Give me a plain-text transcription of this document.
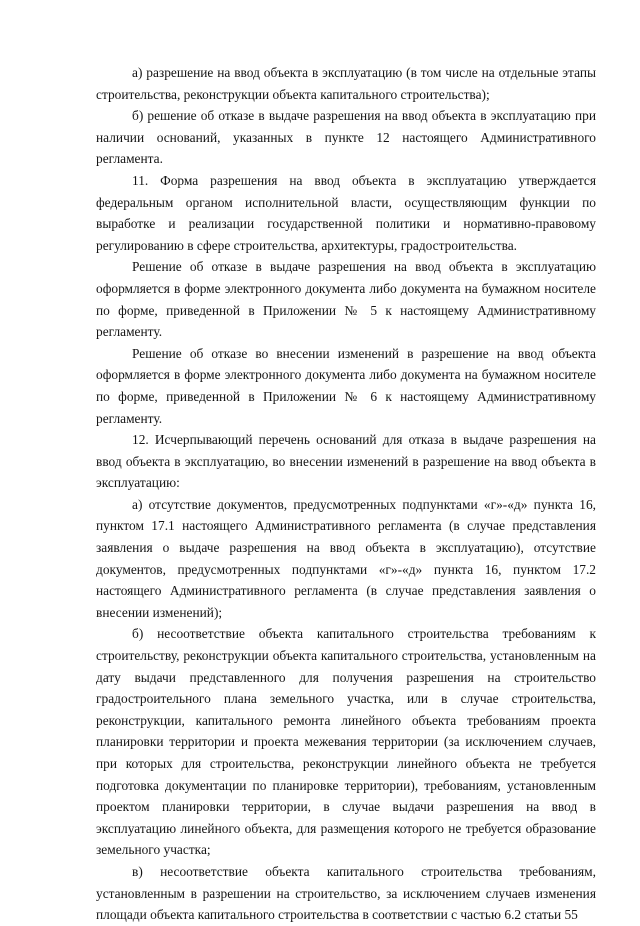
а) разрешение на ввод объекта в эксплуатацию (в том числе на отдельные этапы строительства, реконструкции объекта капитального строительства);

б) решение об отказе в выдаче разрешения на ввод объекта в эксплуатацию при наличии оснований, указанных в пункте 12 настоящего Административного регламента.

11. Форма разрешения на ввод объекта в эксплуатацию утверждается федеральным органом исполнительной власти, осуществляющим функции по выработке и реализации государственной политики и нормативно-правовому регулированию в сфере строительства, архитектуры, градостроительства.

Решение об отказе в выдаче разрешения на ввод объекта в эксплуатацию оформляется в форме электронного документа либо документа на бумажном носителе по форме, приведенной в Приложении № 5 к настоящему Административному регламенту.

Решение об отказе во внесении изменений в разрешение на ввод объекта оформляется в форме электронного документа либо документа на бумажном носителе по форме, приведенной в Приложении № 6 к настоящему Административному регламенту.

12. Исчерпывающий перечень оснований для отказа в выдаче разрешения на ввод объекта в эксплуатацию, во внесении изменений в разрешение на ввод объекта в эксплуатацию:

а) отсутствие документов, предусмотренных подпунктами «г»-«д» пункта 16, пунктом 17.1 настоящего Административного регламента (в случае представления заявления о выдаче разрешения на ввод объекта в эксплуатацию), отсутствие документов, предусмотренных подпунктами «г»-«д» пункта 16, пунктом 17.2 настоящего Административного регламента (в случае представления заявления о внесении изменений);

б) несоответствие объекта капитального строительства требованиям к строительству, реконструкции объекта капитального строительства, установленным на дату выдачи представленного для получения разрешения на строительство градостроительного плана земельного участка, или в случае строительства, реконструкции, капитального ремонта линейного объекта требованиям проекта планировки территории и проекта межевания территории (за исключением случаев, при которых для строительства, реконструкции линейного объекта не требуется подготовка документации по планировке территории), требованиям, установленным проектом планировки территории, в случае выдачи разрешения на ввод в эксплуатацию линейного объекта, для размещения которого не требуется образование земельного участка;

в) несоответствие объекта капитального строительства требованиям, установленным в разрешении на строительство, за исключением случаев изменения площади объекта капитального строительства в соответствии с частью 6.2 статьи 55
